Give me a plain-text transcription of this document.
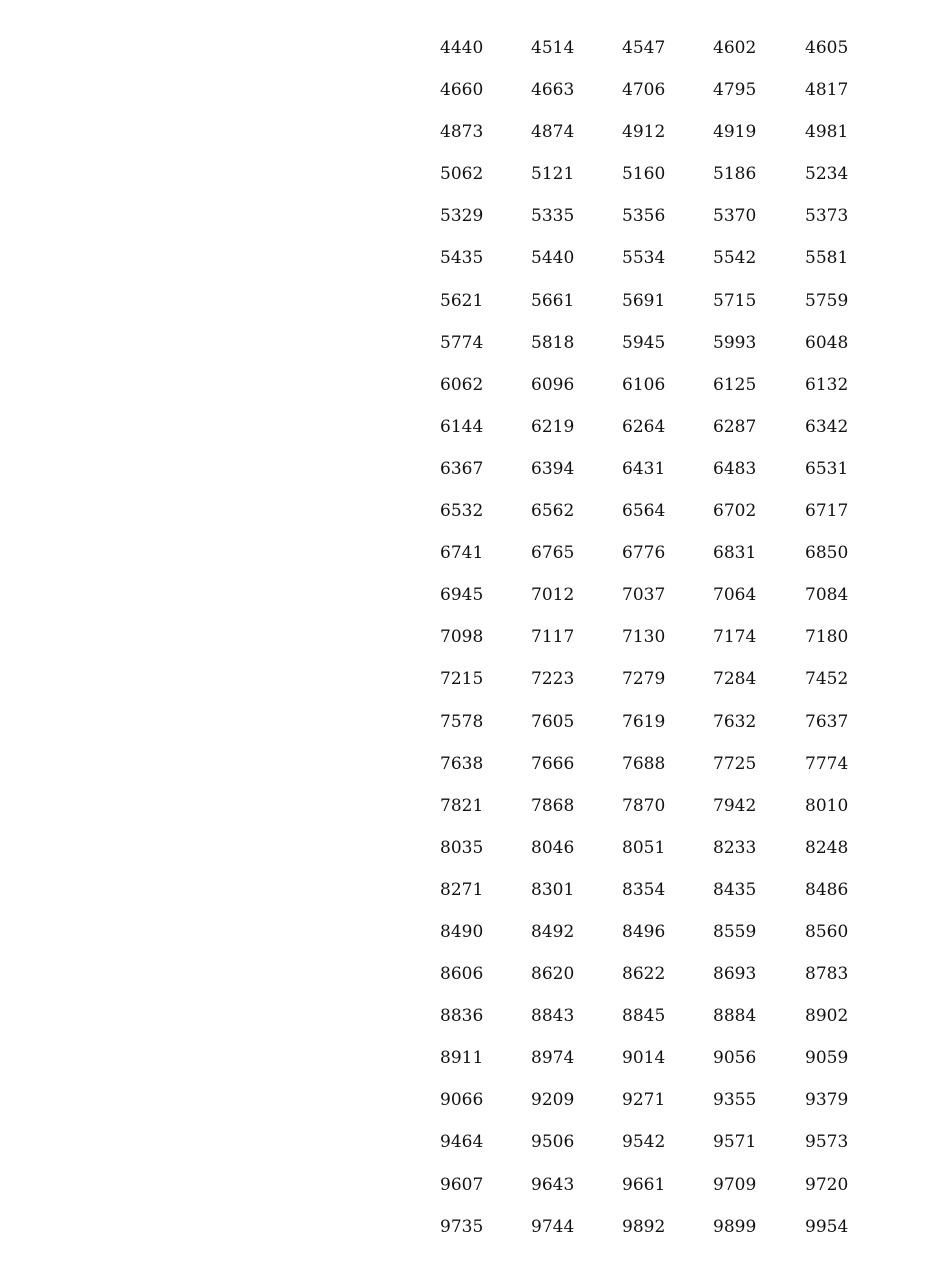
4440	4514	4547	4602	4605
4660	4663	4706	4795	4817
4873	4874	4912	4919	4981
5062	5121	5160	5186	5234
5329	5335	5356	5370	5373
5435	5440	5534	5542	5581
5621	5661	5691	5715	5759
5774	5818	5945	5993	6048
6062	6096	6106	6125	6132
6144	6219	6264	6287	6342
6367	6394	6431	6483	6531
6532	6562	6564	6702	6717
6741	6765	6776	6831	6850
6945	7012	7037	7064	7084
7098	7117	7130	7174	7180
7215	7223	7279	7284	7452
7578	7605	7619	7632	7637
7638	7666	7688	7725	7774
7821	7868	7870	7942	8010
8035	8046	8051	8233	8248
8271	8301	8354	8435	8486
8490	8492	8496	8559	8560
8606	8620	8622	8693	8783
8836	8843	8845	8884	8902
8911	8974	9014	9056	9059
9066	9209	9271	9355	9379
9464	9506	9542	9571	9573
9607	9643	9661	9709	9720
9735	9744	9892	9899	9954
